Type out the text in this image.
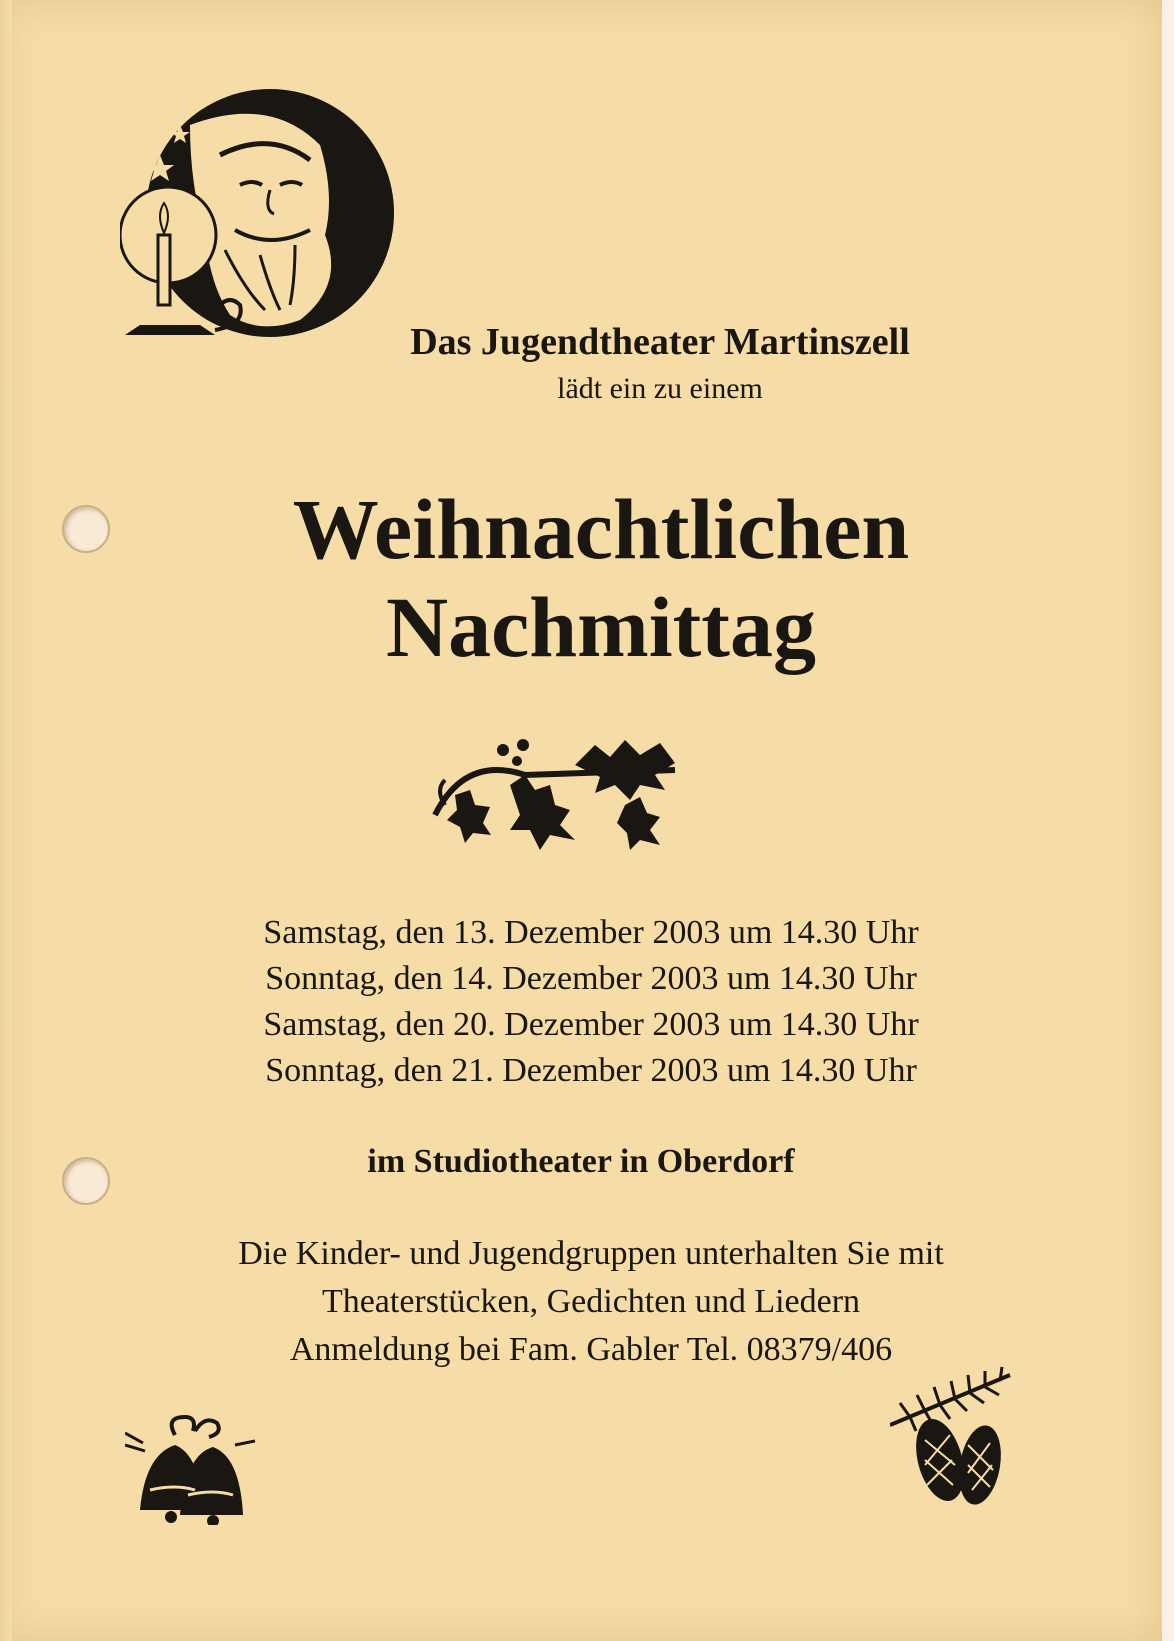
Das Jugendtheater Martinszell

lädt ein zu einem

Weihnachtlichen
Nachmittag
Samstag, den 13. Dezember 2003 um 14.30 Uhr
Sonntag, den 14. Dezember 2003 um 14.30 Uhr
Samstag, den 20. Dezember 2003 um 14.30 Uhr
Sonntag, den 21. Dezember 2003 um 14.30 Uhr

im Studiotheater in Oberdorf

Die Kinder- und Jugendgruppen unterhalten Sie mit
Theaterstücken, Gedichten und Liedern
Anmeldung bei Fam. Gabler Tel. 08379/406
